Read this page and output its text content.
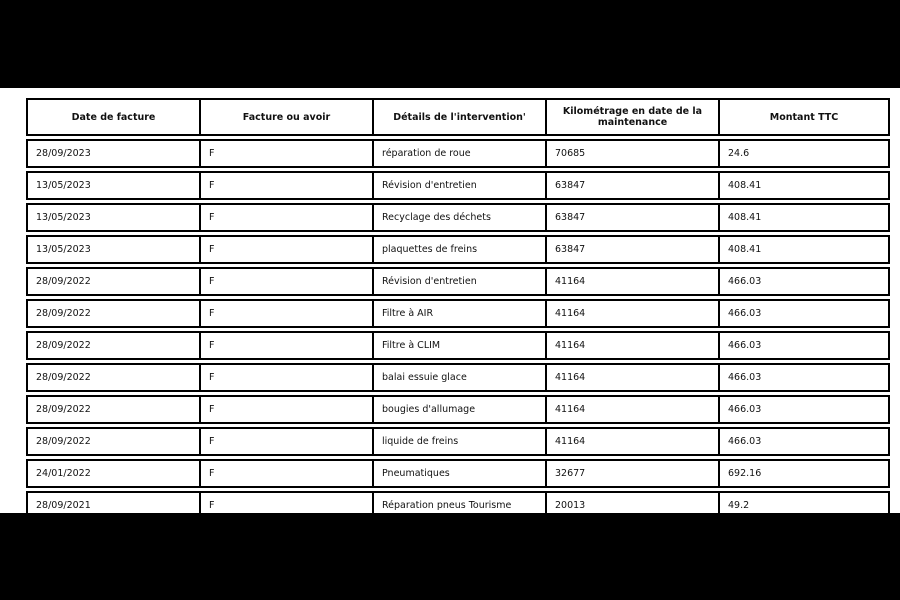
Date de facture	Facture ou avoir	Détails de l'intervention'	Kilométrage en date de la maintenance	Montant TTC
28/09/2023	F	réparation de roue	70685	24.6
13/05/2023	F	Révision d'entretien	63847	408.41
13/05/2023	F	Recyclage des déchets	63847	408.41
13/05/2023	F	plaquettes de freins	63847	408.41
28/09/2022	F	Révision d'entretien	41164	466.03
28/09/2022	F	Filtre à AIR	41164	466.03
28/09/2022	F	Filtre à CLIM	41164	466.03
28/09/2022	F	balai essuie glace	41164	466.03
28/09/2022	F	bougies d'allumage	41164	466.03
28/09/2022	F	liquide de freins	41164	466.03
24/01/2022	F	Pneumatiques	32677	692.16
28/09/2021	F	Réparation pneus Tourisme	20013	49.2
